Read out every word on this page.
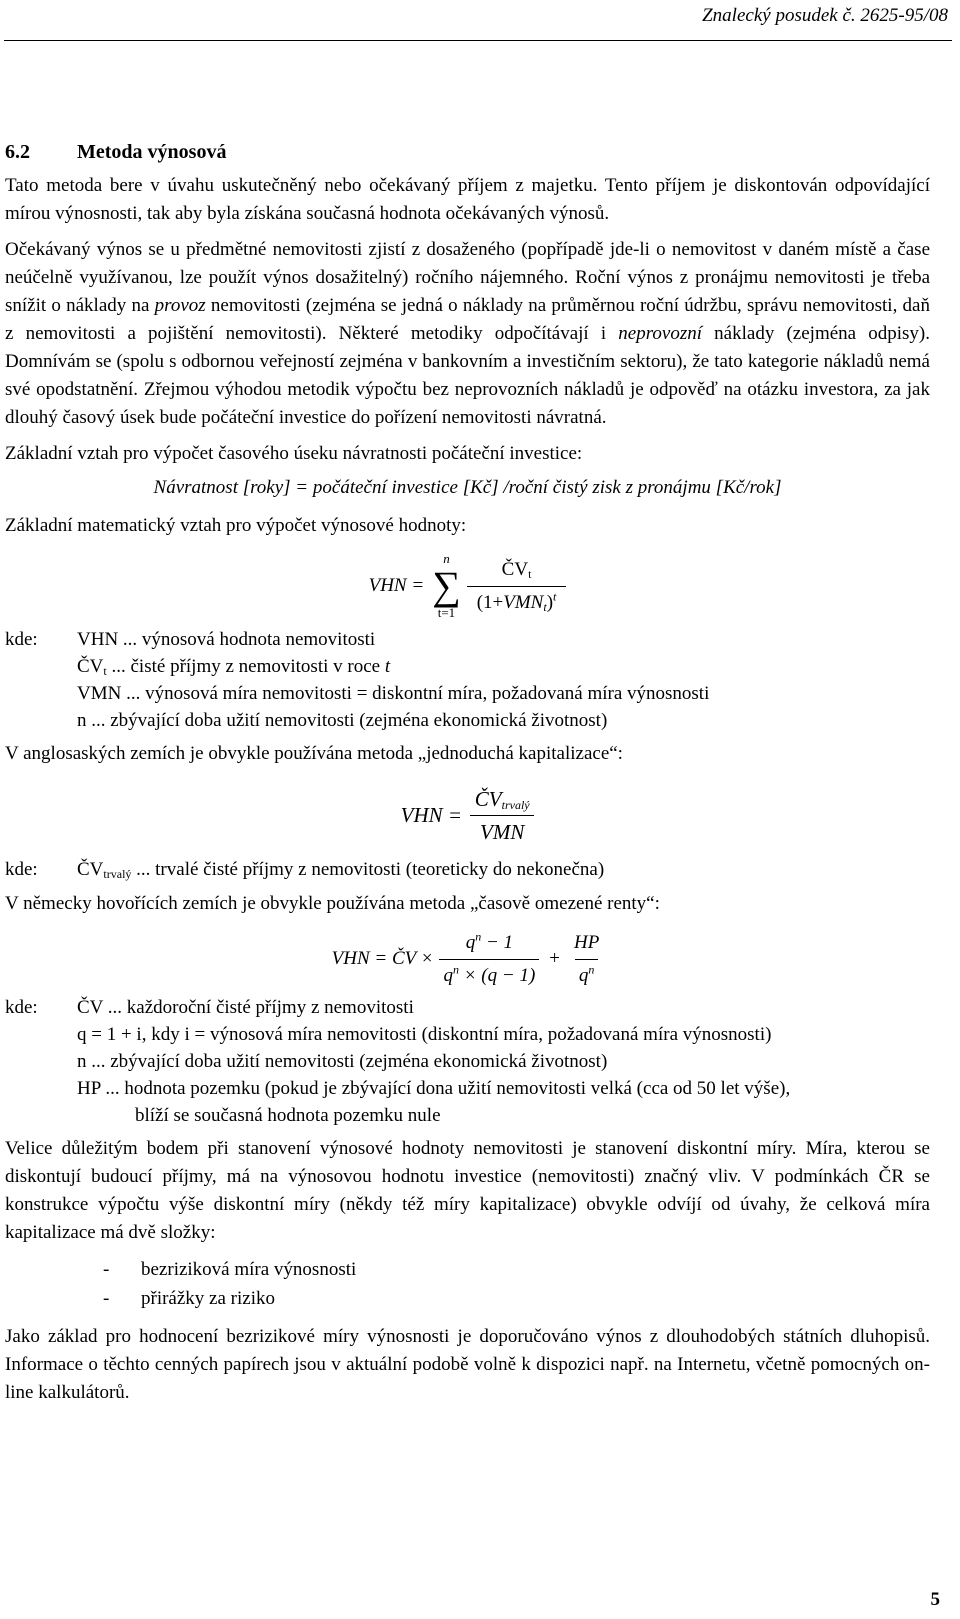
Znalecký posudek č. 2625-95/08
6.2 Metoda výnosová

Tato metoda bere v úvahu uskutečněný nebo očekávaný příjem z majetku. Tento příjem je diskontován odpovídající mírou výnosnosti, tak aby byla získána současná hodnota očekávaných výnosů.

Očekávaný výnos se u předmětné nemovitosti zjistí z dosaženého (popřípadě jde-li o nemovitost v daném místě a čase neúčelně využívanou, lze použít výnos dosažitelný) ročního nájemného. Roční výnos z pronájmu nemovitosti je třeba snížit o náklady na provoz nemovitosti (zejména se jedná o náklady na průměrnou roční údržbu, správu nemovitosti, daň z nemovitosti a pojištění nemovitosti). Některé metodiky odpočítávají i neprovozní náklady (zejména odpisy). Domnívám se (spolu s odbornou veřejností zejména v bankovním a investičním sektoru), že tato kategorie nákladů nemá své opodstatnění. Zřejmou výhodou metodik výpočtu bez neprovozních nákladů je odpověď na otázku investora, za jak dlouhý časový úsek bude počáteční investice do pořízení nemovitosti návratná.

Základní vztah pro výpočet časového úseku návratnosti počáteční investice:

Návratnost [roky] = počáteční investice [Kč] /roční čistý zisk z pronájmu [Kč/rok]

Základní matematický vztah pro výpočet výnosové hodnoty:

VHN =
n
∑
$t=1 \frac{ČV_t}{(1+VMN_t)^t}$
kde:	VHN ... výnosová hodnota nemovitosti
$ČV_t$ ... čisté příjmy z nemovitosti v roce t
VMN ... výnosová míra nemovitosti = diskontní míra, požadovaná míra výnosnosti
n ... zbývající doba užití nemovitosti (zejména ekonomická životnost)

V anglosaských zemích je obvykle používána metoda „jednoduchá kapitalizace“:

VHN = $\frac{ČV_{trvalý}}{\text{VMN}}$
kde:	$ČV_{trvalý}$ ... trvalé čisté příjmy z nemovitosti (teoreticky do nekonečna)

V německy hovořících zemích je obvykle používána metoda „časově omezené renty“:

VHN = ČV × $\frac{q^n - 1}{q^n \times (q - 1)} + \frac{HP}{q^n}$
kde:	ČV ... každoroční čisté příjmy z nemovitosti
q = 1 + i, kdy i = výnosová míra nemovitosti (diskontní míra, požadovaná míra výnosnosti)
n ... zbývající doba užití nemovitosti (zejména ekonomická životnost)
HP ... hodnota pozemku (pokud je zbývající dona užití nemovitosti velká (cca od 50 let výše),
blíží se současná hodnota pozemku nule

Velice důležitým bodem při stanovení výnosové hodnoty nemovitosti je stanovení diskontní míry. Míra, kterou se diskontují budoucí příjmy, má na výnosovou hodnotu investice (nemovitosti) značný vliv. V podmínkách ČR se konstrukce výpočtu výše diskontní míry (někdy též míry kapitalizace) obvykle odvíjí od úvahy, že celková míra kapitalizace má dvě složky:

-	bezriziková míra výnosnosti
-	přirážky za riziko

Jako základ pro hodnocení bezrizikové míry výnosnosti je doporučováno výnos z dlouhodobých státních dluhopisů. Informace o těchto cenných papírech jsou v aktuální podobě volně k dispozici např. na Internetu, včetně pomocných on-line kalkulátorů.

5
